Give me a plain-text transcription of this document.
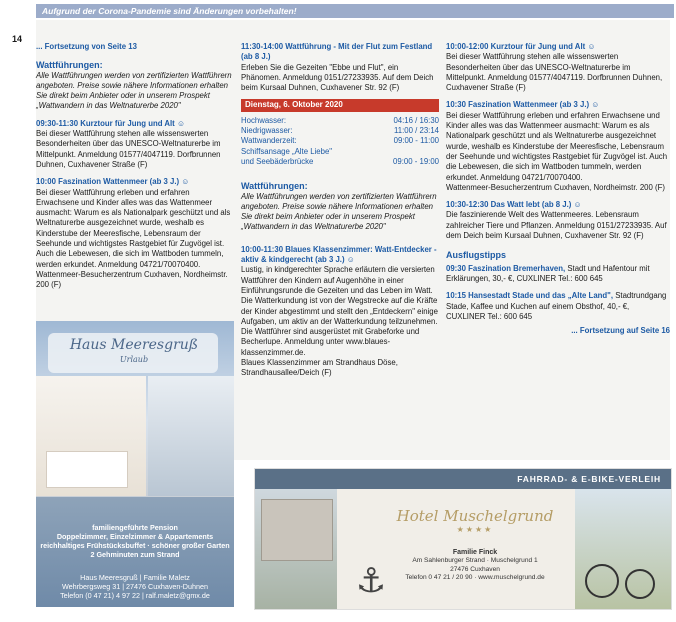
Aufgrund der Corona-Pandemie sind Änderungen vorbehalten!
14

... Fortsetzung von Seite 13

Wattführungen:

Alle Wattführungen werden von zertifizierten Wattführern angeboten. Preise sowie nähere Informationen erhalten Sie direkt beim Anbieter oder in unserem Prospekt „Wattwandern in das Weltnaturerbe 2020"

09:30-11:30 Kurztour für Jung und Alt ☺

Bei dieser Wattführung stehen alle wissenswerten Besonderheiten über das UNESCO-Weltnaturerbe im Mittelpunkt. Anmeldung 01577/4047119. Dorfbrunnen Duhnen, Cuxhavener Straße (F)

10:00 Faszination Wattenmeer (ab 3 J.) ☺

Bei dieser Wattführung erleben und erfahren Erwachsene und Kinder alles was das Wattenmeer ausmacht: Warum es als Nationalpark geschützt und als Weltnaturerbe ausgezeichnet wurde, weshalb es Kinderstube der Meeresfische, Lebensraum der Seehunde und wichtigstes Rastgebiet für Zugvögel ist. Auch die Lebewesen, die sich im Wattboden tummeln, werden erkundet. Anmeldung 04721/70070400.

Wattenmeer-Besucherzentrum Cuxhaven, Nordheimstr. 200 (F)

11:30-14:00 Wattführung - Mit der Flut zum Festland (ab 8 J.)

Erleben Sie die Gezeiten "Ebbe und Flut", ein Phänomen. Anmeldung 0151/27233935. Auf dem Deich beim Kursaal Duhnen, Cuxhavener Str. 92 (F)

Dienstag, 6. Oktober 2020
Hochwasser:	04:16 / 16:30
Niedrigwasser:	11:00 / 23:14
Wattwanderzeit:	09:00 - 11:00
Schiffsansage „Alte Liebe"
und Seebäderbrücke	09:00 - 19:00

Wattführungen:

Alle Wattführungen werden von zertifizierten Wattführern angeboten. Preise sowie nähere Informationen erhalten Sie direkt beim Anbieter oder in unserem Prospekt „Wattwandern in das Weltnaturerbe 2020"

10:00-11:30 Blaues Klassenzimmer: Watt-Entdecker - aktiv & kindgerecht (ab 3 J.) ☺

Lustig, in kindgerechter Sprache erläutern die versierten Wattführer den Kindern auf Augenhöhe in einer Einführungsrunde die Gezeiten und das Leben im Watt. Die Watterkundung ist von der Wegstrecke auf die Kräfte der Kinder abgestimmt und stellt den „Entdeckern" einige Aufgaben, um aktiv an der Watterkundung teilzunehmen. Die Wattführer sind ausgerüstet mit Grabeforke und Becherlupe. Anmeldung unter www.blaues-klassenzimmer.de.

Blaues Klassenzimmer am Strandhaus Döse, Strandhausallee/Deich (F)

10:00-12:00 Kurztour für Jung und Alt ☺

Bei dieser Wattführung stehen alle wissenswerten Besonderheiten über das UNESCO-Weltnaturerbe im Mittelpunkt. Anmeldung 01577/4047119. Dorfbrunnen Duhnen, Cuxhavener Straße (F)

10:30 Faszination Wattenmeer (ab 3 J.) ☺

Bei dieser Wattführung erleben und erfahren Erwachsene und Kinder alles was das Wattenmeer ausmacht: Warum es als Nationalpark geschützt und als Weltnaturerbe ausgezeichnet wurde, weshalb es Kinderstube der Meeresfische, Lebensraum der Seehunde und wichtigstes Rastgebiet für Zugvögel ist. Auch die Lebewesen, die sich im Wattboden tummeln, werden erkundet. Anmeldung 04721/70070400.

Wattenmeer-Besucherzentrum Cuxhaven, Nordheimstr. 200 (F)

10:30-12:30 Das Watt lebt (ab 8 J.) ☺

Die faszinierende Welt des Wattenmeeres. Lebensraum zahlreicher Tiere und Pflanzen. Anmeldung 0151/27233935. Auf dem Deich beim Kursaal Duhnen, Cuxhavener Str. 92 (F)

Ausflugstipps

09:30 Faszination Bremerhaven, Stadt und Hafentour mit Erklärungen, 30,- €, CUXLINER Tel.: 600 645

10:15 Hansestadt Stade und das „Alte Land", Stadtrundgang Stade, Kaffee und Kuchen auf einem Obsthof, 40,- €, CUXLINER Tel.: 600 645

... Fortsetzung auf Seite 16

Haus Meeresgruß
Urlaub
familiengeführte Pension
Doppelzimmer, Einzelzimmer & Appartements
reichhaltiges Frühstücksbuffet · schöner großer Garten
2 Gehminuten zum Strand
Haus Meeresgruß | Familie Maletz
Wehrbergsweg 31 | 27476 Cuxhaven-Duhnen
Telefon (0 47 21) 4 97 22 | ralf.maletz@gmx.de
FAHRRAD- & E-BIKE-VERLEIH
⚓
Hotel Muschelgrund
★★★★
Familie Finck
Am Sahlenburger Strand · Muschelgrund 1
27476 Cuxhaven
Telefon 0 47 21 / 20 90 · www.muschelgrund.de
